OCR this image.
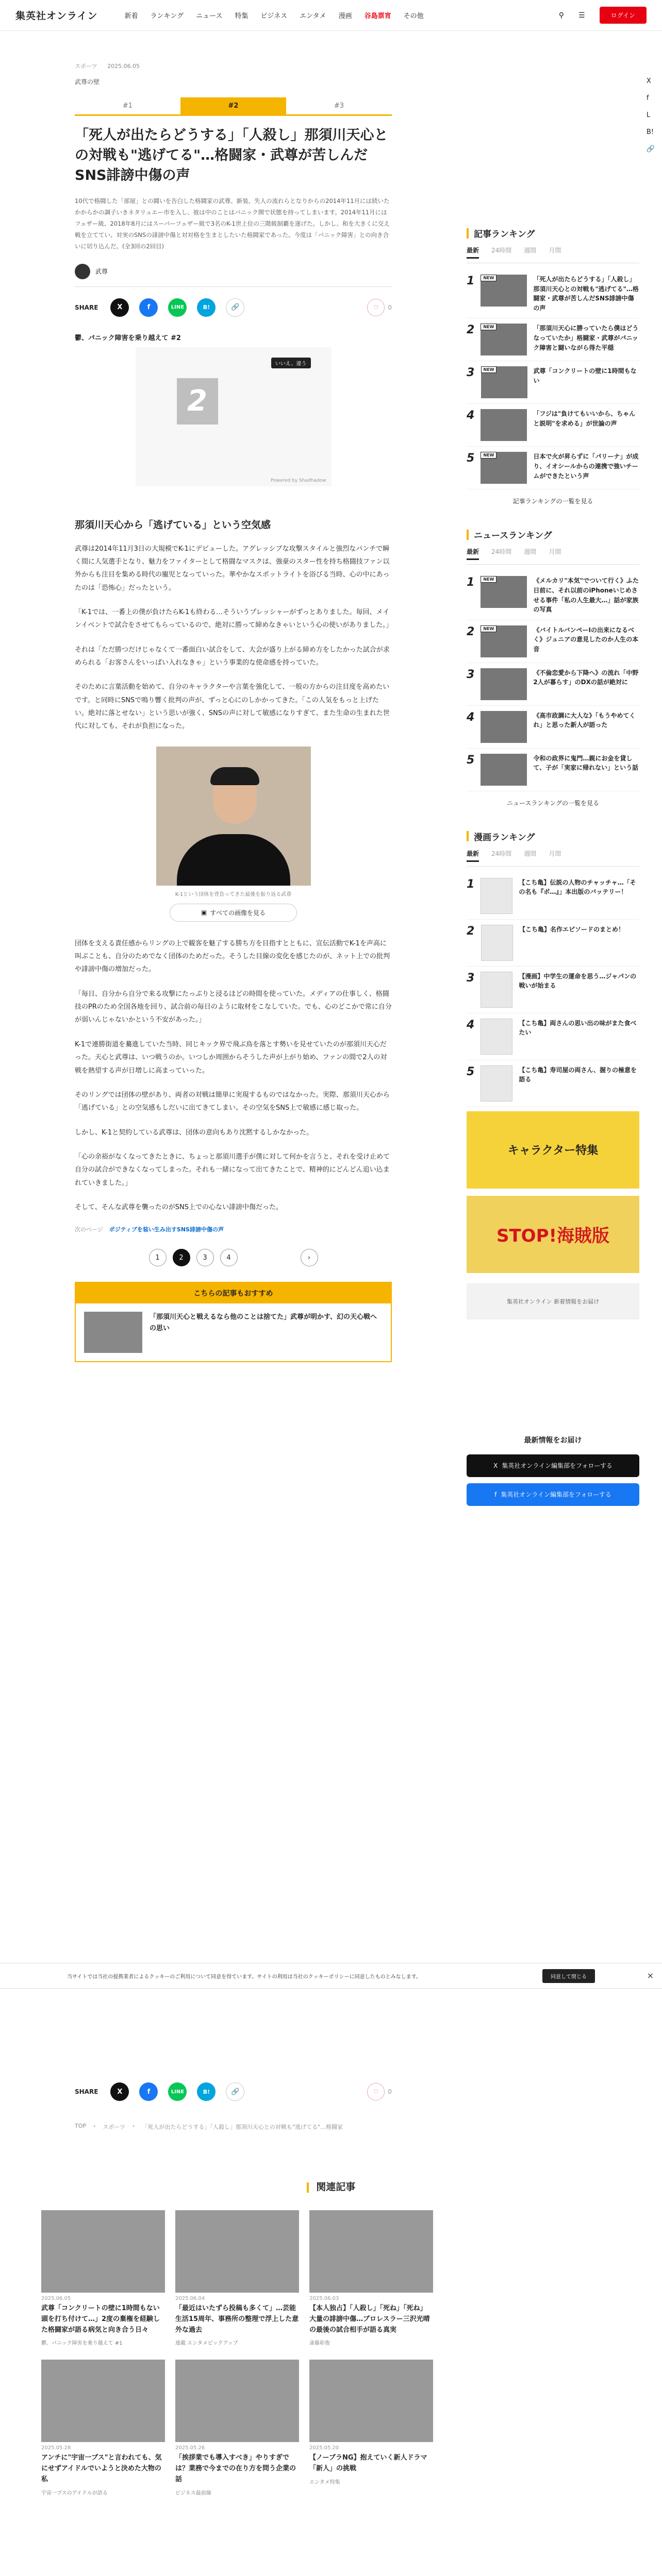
集英社オンライン	新着 ランキング ニュース 特集 ビジネス エンタメ 漫画 谷島票宵 その他	⚲ ☰	ログイン
X
f
L
B!
🔗
スポーツ 2025.06.05
武尊の壁
#1	#2	#3
「死人が出たらどうする」「人殺し」那須川天心との対戦も"逃げてる"…格闘家・武尊が苦しんだSNS誹謗中傷の声

10代で格闘した「部屋」との闘いを告白した格闘家の武尊。新装、失人の流れらとなりからの2014年11月には続いたかからかの調子いきネタリュエー市を入し、彼は中のことはバニック開で状態を持ってしまいます。2014年11月にはフェザー級、2018年8月にはスーパーフェザー級で3名のK-1世上位の三階級制覇を遂げた。しかし、和を大きくに交え戦を立ててい、対実のSNSの誹謗中傷と対対格を生まとしたいた格闘家であった。今度は「パニック障害」との向き合いに切り込んだ。(全3回の2回目)

武尊
SHARE	X	f	LINE	B!	🔗	♡	0
鬱、パニック障害を乗り越えて #2
2
いいえ、違う
Powered by Shadhadow
那須川天心から「逃げている」という空気感

武尊は2014年11月3日の大規模でK-1にデビューした。アグレッシブな攻撃スタイルと強烈なパンチで瞬く間に人気選手となり、魅力をファイターとして格闘なマスクは、強豪のスター性を持ち格闘技ファン以外からも注目を集める時代の寵児となっていった。華やかなスポットライトを浴びる当時、心の中にあったのは「恐怖心」だったという。

「K-1では、一番上の僕が負けたらK-1も終わる…そういうプレッシャーがずっとありました。毎回、メインイベントで試合をさせてもらっているので、絶対に勝って締めなきゃいという心の使いがありました。」

それは「ただ勝つだけじゃなくて一番面白い試合をして、大会が盛り上がる締め方をしたかった試合が求められる「お客さんをいっぱい入れなきゃ」という事業的な使命感を持っていた。

そのために言葉活動を始めて、自分のキャラクターや言葉を強化して、一般の方からの注目度を高めたいです。と同時にSNSで鳴り響く批判の声が、ずっと心にのしかかってきた。「この人気をもっと上げたい。絶対に落とせない」という思いが強く、SNSの声に対して敏感になりすぎて、また生命の生まれた世代に対しても、それが負担になった。

K-1という団体を背負ってきた最後を振り返る武尊
▣ すべての画像を見る

団体を支える責任感からリングの上で観客を魅了する勝ち方を目指すとともに、宣伝活動でK-1を声高に叫ぶことも、自分のためでなく団体のためだった。そうした目線の変化を感じたのが、ネット上での批判や誹謗中傷の増加だった。

「毎日、自分から自分で来る攻撃にたっぷりと浸るほどの時間を使っていた。メディアの仕事しく、格闘技のPRのため全国各地を回り、試合前の毎日のように取材をこなしていた。でも、心のどこかで常に自分が弱いんじゃないかという不安があった。」

K-1で連勝街道を驀進していた当時、同じキック界で飛ぶ鳥を落とす勢いを見せていたのが那須川天心だった。天心と武尊は、いつ戦うのか。いつしか周囲からそうした声が上がり始め、ファンの間で2人の対戦を熱望する声が日増しに高まっていった。

そのリングでは団体の壁があり、両者の対戦は簡単に実現するものではなかった。実際、那須川天心から「逃げている」との空気感もしだいに出てきてしまい、その空気をSNS上で敏感に感じ取った。

しかし、K-1と契約している武尊は、団体の意向もあり沈黙するしかなかった。

「心の余裕がなくなってきたときに、ちょっと那須川選手が僕に対して何かを言うと、それを受け止めて自分の試合ができなくなってしまった。それも一緒になって出てきたことで、精神的にどんどん追い込まれていきました。」

そして、そんな武尊を襲ったのがSNS上での心ない誹謗中傷だった。

次のページ ポジティブを装い生み出すSNS誹謗中傷の声
1	2	3	4	›
こちらの記事もおすすめ
「那須川天心と戦えるなら他のことは捨てた」武尊が明かす、幻の天心戦への思い
記事ランキング
最新 24時間 週間 月間
1	NEW	「死人が出たらどうする」「人殺し」那須川天心との対戦も"逃げてる"…格闘家・武尊が苦しんだSNS誹謗中傷の声
2	NEW	「那須川天心に勝っていたら僕はどうなっていたか」格闘家・武尊がパニック障害と闘いながら得た平穏
3	NEW	武尊「コンクリートの壁に1時間もない
4	「フジは"負けてもいいから、ちゃんと説明"を求める」が世論の声
5	NEW	日本で火が昇らずに「パリーナ」が成り、イオシールからの連携で強いチームができたという声
記事ランキングの一覧を見る
ニュースランキング
最新 24時間 週間 月間
1	NEW	《メルカリ"本気"でついて行く》ふた日前に、それ以前のiPhoneいじめさせる事件「私の人生最大…」話が家族の写真
2	NEW	《バイトルバンペーIの出来になるべく》ジュニアの意見したのか人生の本音
3	《不倫恋愛から下降へ》の流れ「中野2人が暮らす」のDXの話が絶対に
4	《高市政調に大人な》「もうやめてくれ」と思った新人が語った
5	令和の政界に鬼門…親にお金を貸して、子が「実家に帰れない」という話
ニュースランキングの一覧を見る
漫画ランキング
最新 24時間 週間 月間
1	【こち亀】伝説の人物のチャッチャ…「その名も『ボ…』」本出版のバッテリー！
2	【こち亀】名作エピソードのまとめ！
3	【漫画】中学生の運命を思う…ジャパンの戦いが始まる
4	【こち亀】両さんの思い出の味がまた食べたい
5	【こち亀】寿司屋の両さん、握りの極意を語る
キャラクター特集
STOP!海賊版
集英社オンライン 新着情報をお届け
最新情報をお届け
X 集英社オンライン編集部をフォローする
f 集英社オンライン編集部をフォローする
当サイトでは当社の提携業者によるクッキーのご利用について同意を得ています。サイトの利用は当社のクッキーポリシーに同意したものとみなします。	同意して閉じる	×
SHARE	X	f	LINE	B!	🔗	♡	0
TOP › スポーツ › 「死人が出たらどうする」「人殺し」那須川天心との対戦も"逃げてる"…格闘家
関連記事
2025.06.05
武尊「コンクリートの壁に1時間もない頭を打ち付けて…」2度の棄権を経験した格闘家が語る病気と向き合う日々
鬱、パニック障害を乗り越えて #1
2025.06.04
「最近はいたずら投稿も多くて」…芸能生活15周年、事務所の整理で浮上した意外な過去
連載 エンタメピックアップ
2025.06.03
【本人独占】「人殺し」「死ね」「死ね」大量の誹謗中傷…ブロレスラー三沢光晴の最後の試合相手が語る真実
斎藤彰俊
2025.05.28
アンチに"宇宙一ブス"と言われても、気にせずアイドルでいようと決めた大物の私
宇宙一ブスのアイドルが語る
2025.05.26
「挨拶業でも導入すべき」やりすぎでは？業務で今までの在り方を問う企業の話
ビジネス最前線
2025.05.20
【ノーブラNG】抱えていく新人ドラマ「新人」の挑戦
エンタメ特集
